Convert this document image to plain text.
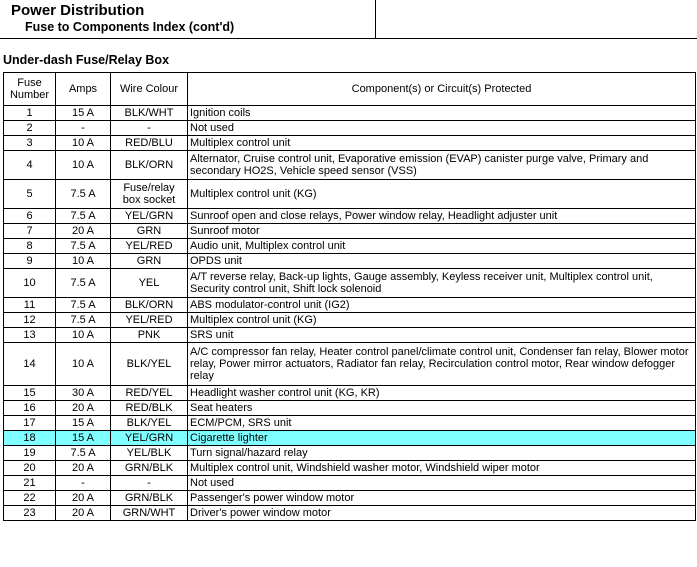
Power Distribution
Fuse to Components Index (cont'd)
Under-dash Fuse/Relay Box
Fuse Number	Amps	Wire Colour	Component(s) or Circuit(s) Protected
1	15 A	BLK/WHT	Ignition coils
2	-	-	Not used
3	10 A	RED/BLU	Multiplex control unit
4	10 A	BLK/ORN	Alternator, Cruise control unit, Evaporative emission (EVAP) canister purge valve, Primary and secondary HO2S, Vehicle speed sensor (VSS)
5	7.5 A	Fuse/relay box socket	Multiplex control unit (KG)
6	7.5 A	YEL/GRN	Sunroof open and close relays, Power window relay, Headlight adjuster unit
7	20 A	GRN	Sunroof motor
8	7.5 A	YEL/RED	Audio unit, Multiplex control unit
9	10 A	GRN	OPDS unit
10	7.5 A	YEL	A/T reverse relay, Back-up lights, Gauge assembly, Keyless receiver unit, Multiplex control unit, Security control unit, Shift lock solenoid
11	7.5 A	BLK/ORN	ABS modulator-control unit (IG2)
12	7.5 A	YEL/RED	Multiplex control unit (KG)
13	10 A	PNK	SRS unit
14	10 A	BLK/YEL	A/C compressor fan relay, Heater control panel/climate control unit, Condenser fan relay, Blower motor relay, Power mirror actuators, Radiator fan relay, Recirculation control motor, Rear window defogger relay
15	30 A	RED/YEL	Headlight washer control unit (KG, KR)
16	20 A	RED/BLK	Seat heaters
17	15 A	BLK/YEL	ECM/PCM, SRS unit
18	15 A	YEL/GRN	Cigarette lighter
19	7.5 A	YEL/BLK	Turn signal/hazard relay
20	20 A	GRN/BLK	Multiplex control unit, Windshield washer motor, Windshield wiper motor
21	-	-	Not used
22	20 A	GRN/BLK	Passenger's power window motor
23	20 A	GRN/WHT	Driver's power window motor
